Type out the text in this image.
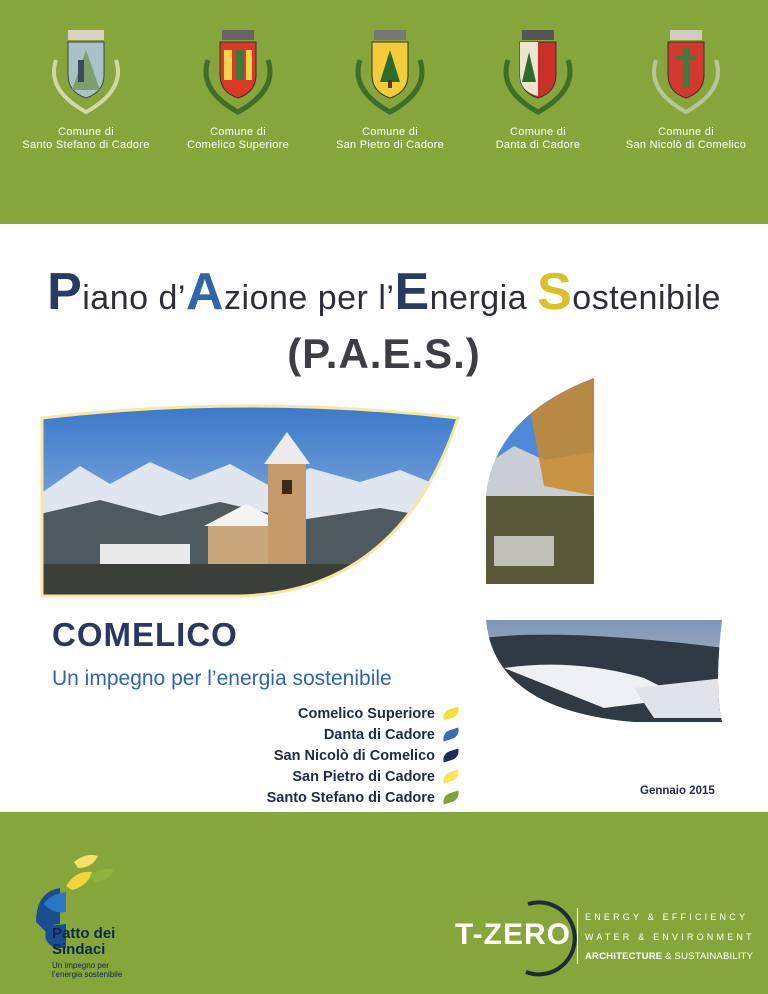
Comune di
Santo Stefano di Cadore
Comune di
Comelico Superiore
Comune di
San Pietro di Cadore
Comune di
Danta di Cadore
Comune di
San Nicolò di Comelico
Piano d’Azione per l’Energia Sostenibile
(P.A.E.S.)
COMELICO
Un impegno per l’energia sostenibile
Comelico Superiore
Danta di Cadore
San Nicolò di Comelico
San Pietro di Cadore
Santo Stefano di Cadore	Gennaio 2015
Patto dei
Sindaci
Un impegno per
l’energia sostenibile
T-ZERO
ENERGY & EFFICIENCY
WATER & ENVIRONMENT
ARCHITECTURE & SUSTAINABILITY
